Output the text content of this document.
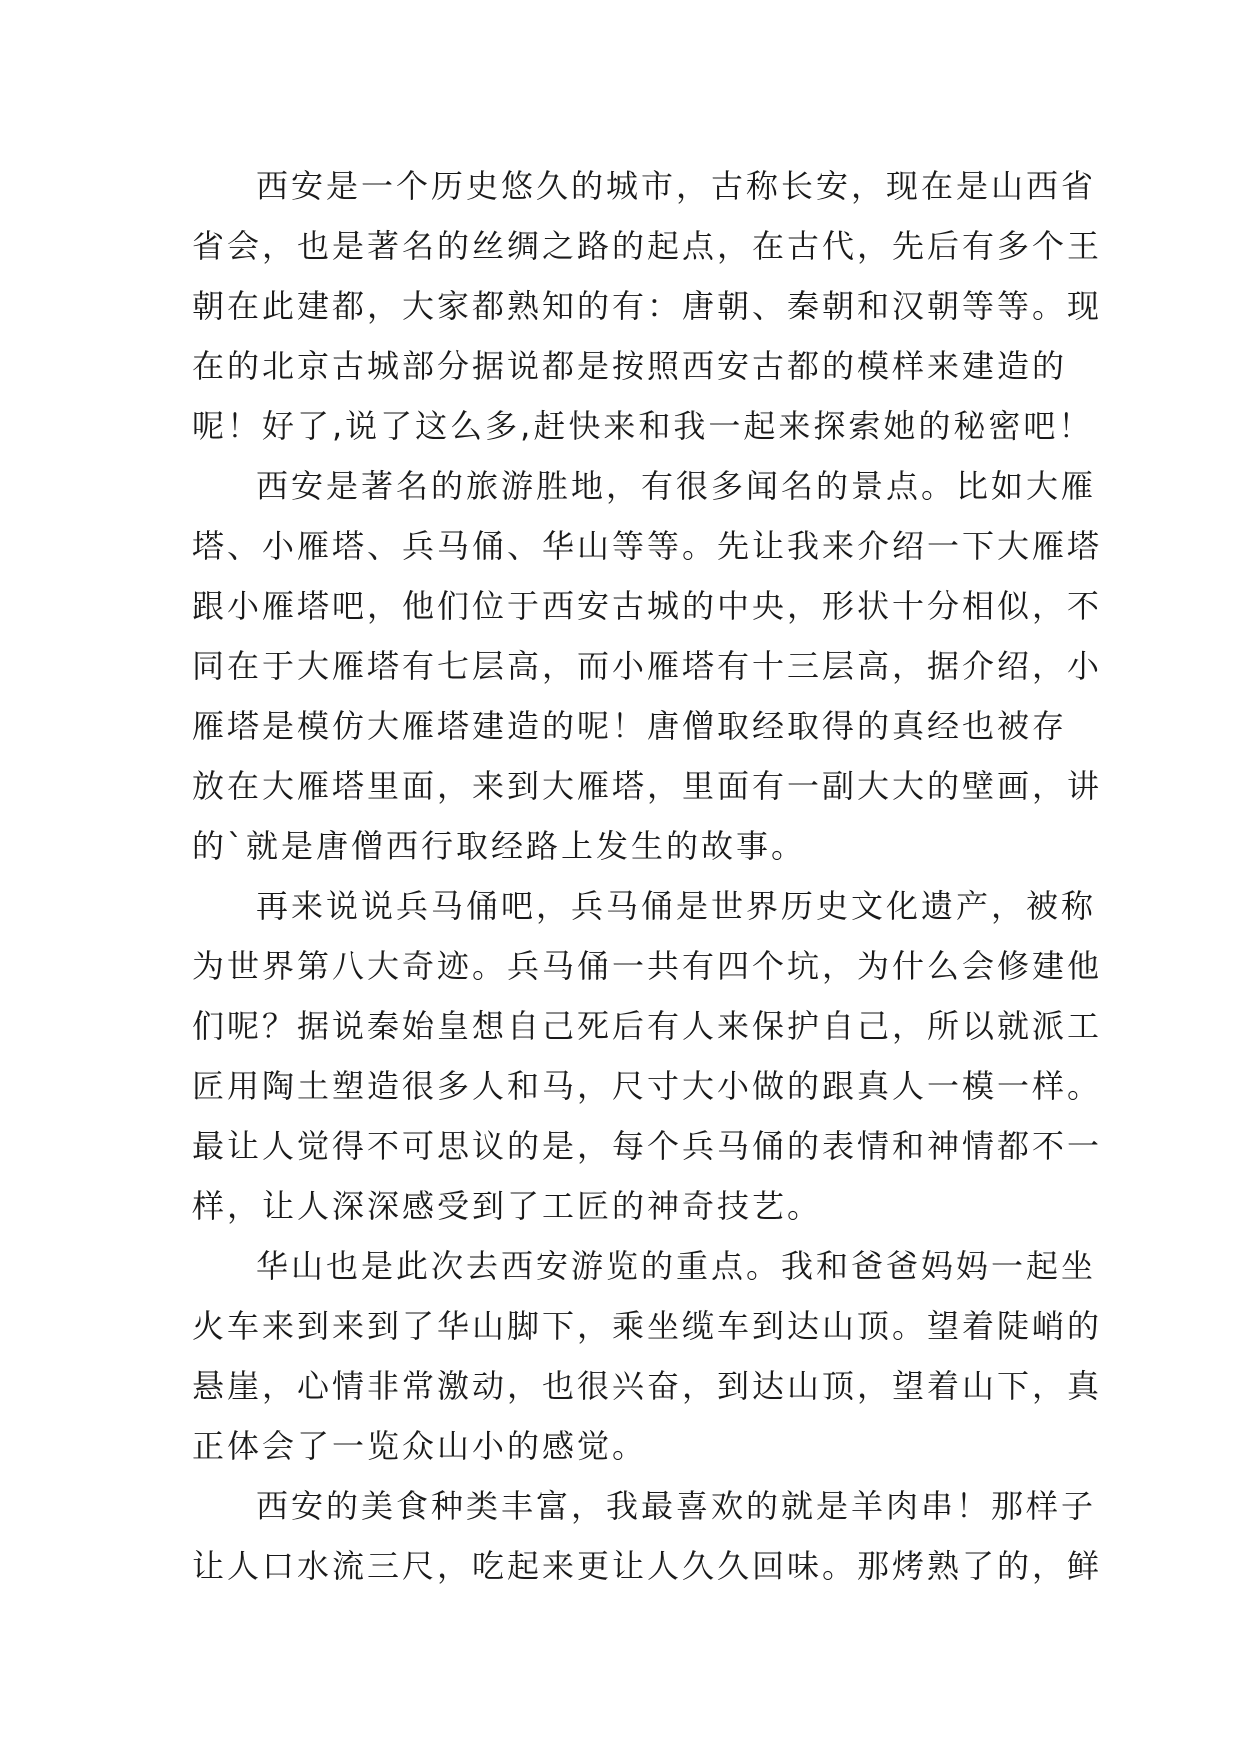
西安是一个历史悠久的城市，古称长安，现在是山西省
省会，也是著名的丝绸之路的起点，在古代，先后有多个王
朝在此建都，大家都熟知的有：唐朝、秦朝和汉朝等等。现
在的北京古城部分据说都是按照西安古都的模样来建造的
呢！好了,说了这么多,赶快来和我一起来探索她的秘密吧！
西安是著名的旅游胜地，有很多闻名的景点。比如大雁
塔、小雁塔、兵马俑、华山等等。先让我来介绍一下大雁塔
跟小雁塔吧，他们位于西安古城的中央，形状十分相似，不
同在于大雁塔有七层高，而小雁塔有十三层高，据介绍，小
雁塔是模仿大雁塔建造的呢！唐僧取经取得的真经也被存
放在大雁塔里面，来到大雁塔，里面有一副大大的壁画，讲
的`就是唐僧西行取经路上发生的故事。
再来说说兵马俑吧，兵马俑是世界历史文化遗产，被称
为世界第八大奇迹。兵马俑一共有四个坑，为什么会修建他
们呢？据说秦始皇想自己死后有人来保护自己，所以就派工
匠用陶土塑造很多人和马，尺寸大小做的跟真人一模一样。
最让人觉得不可思议的是，每个兵马俑的表情和神情都不一
样，让人深深感受到了工匠的神奇技艺。
华山也是此次去西安游览的重点。我和爸爸妈妈一起坐
火车来到来到了华山脚下，乘坐缆车到达山顶。望着陡峭的
悬崖，心情非常激动，也很兴奋，到达山顶，望着山下，真
正体会了一览众山小的感觉。
西安的美食种类丰富，我最喜欢的就是羊肉串！那样子
让人口水流三尺，吃起来更让人久久回味。那烤熟了的，鲜
